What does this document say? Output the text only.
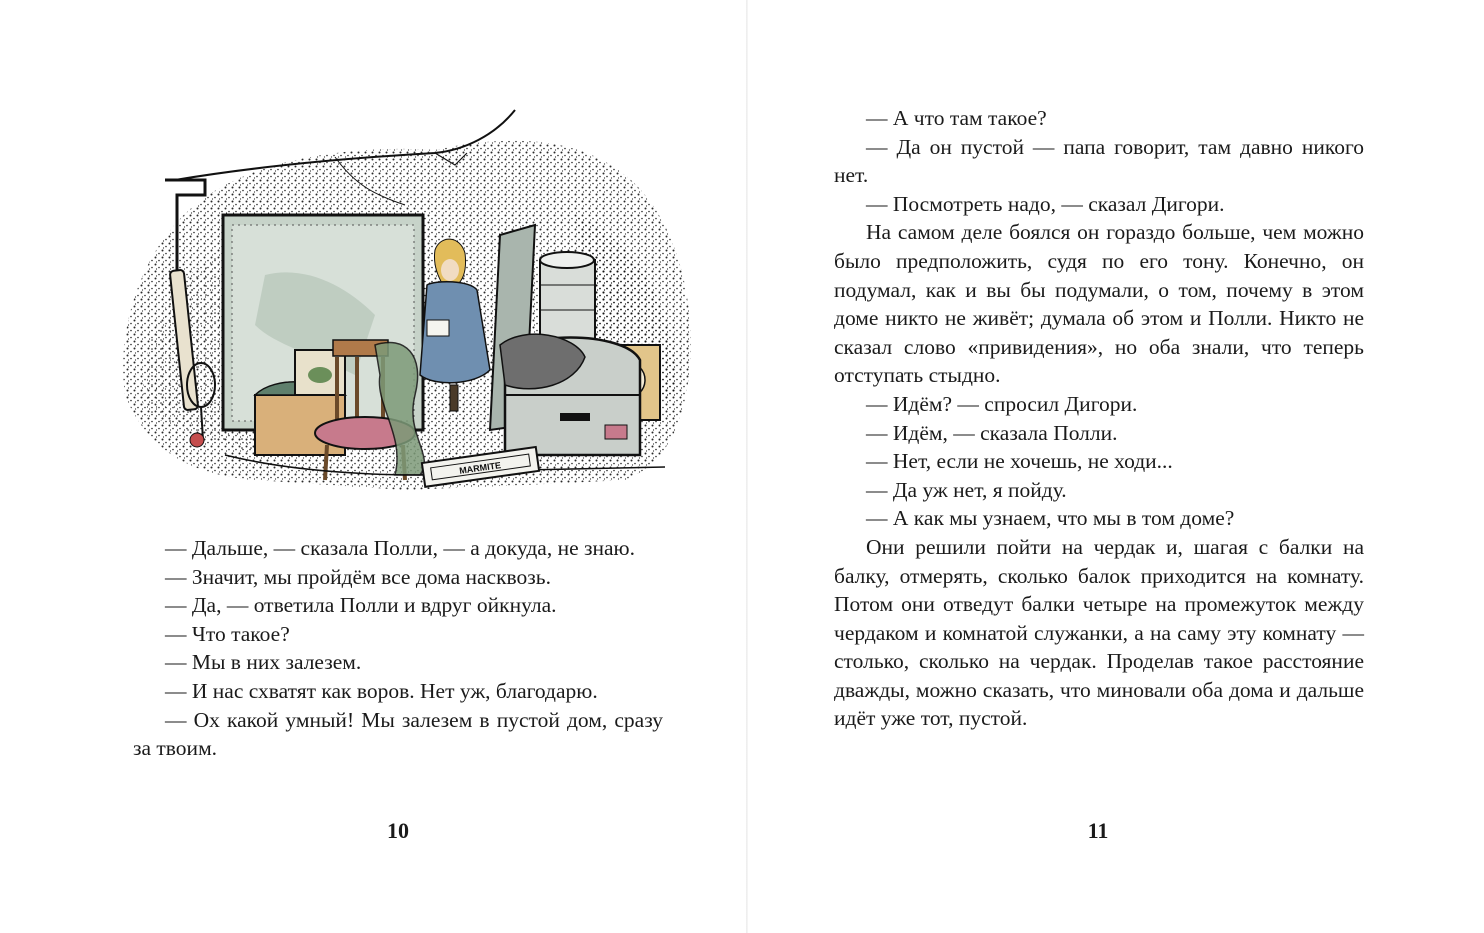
MARMITE

— Дальше, — сказала Полли, — а докуда, не знаю.

— Значит, мы пройдём все дома насквозь.

— Да, — ответила Полли и вдруг ойкнула.

— Что такое?

— Мы в них залезем.

— И нас схватят как воров. Нет уж, благодарю.

— Ох какой умный! Мы залезем в пустой дом, сразу за твоим.

10

— А что там такое?

— Да он пустой — папа говорит, там давно никого нет.

— Посмотреть надо, — сказал Дигори.

На самом деле боялся он гораздо больше, чем можно было предположить, судя по его тону. Конечно, он подумал, как и вы бы подумали, о том, почему в этом доме никто не живёт; думала об этом и Полли. Никто не сказал слово «привидения», но оба знали, что теперь отступать стыдно.

— Идём? — спросил Дигори.

— Идём, — сказала Полли.

— Нет, если не хочешь, не ходи...

— Да уж нет, я пойду.

— А как мы узнаем, что мы в том доме?

Они решили пойти на чердак и, шагая с балки на балку, отмерять, сколько балок приходится на комнату. Потом они отведут балки четыре на промежуток между чердаком и комнатой служанки, а на саму эту комнату — столько, сколько на чердак. Проделав такое расстояние дважды, можно сказать, что миновали оба дома и дальше идёт уже тот, пустой.

11
